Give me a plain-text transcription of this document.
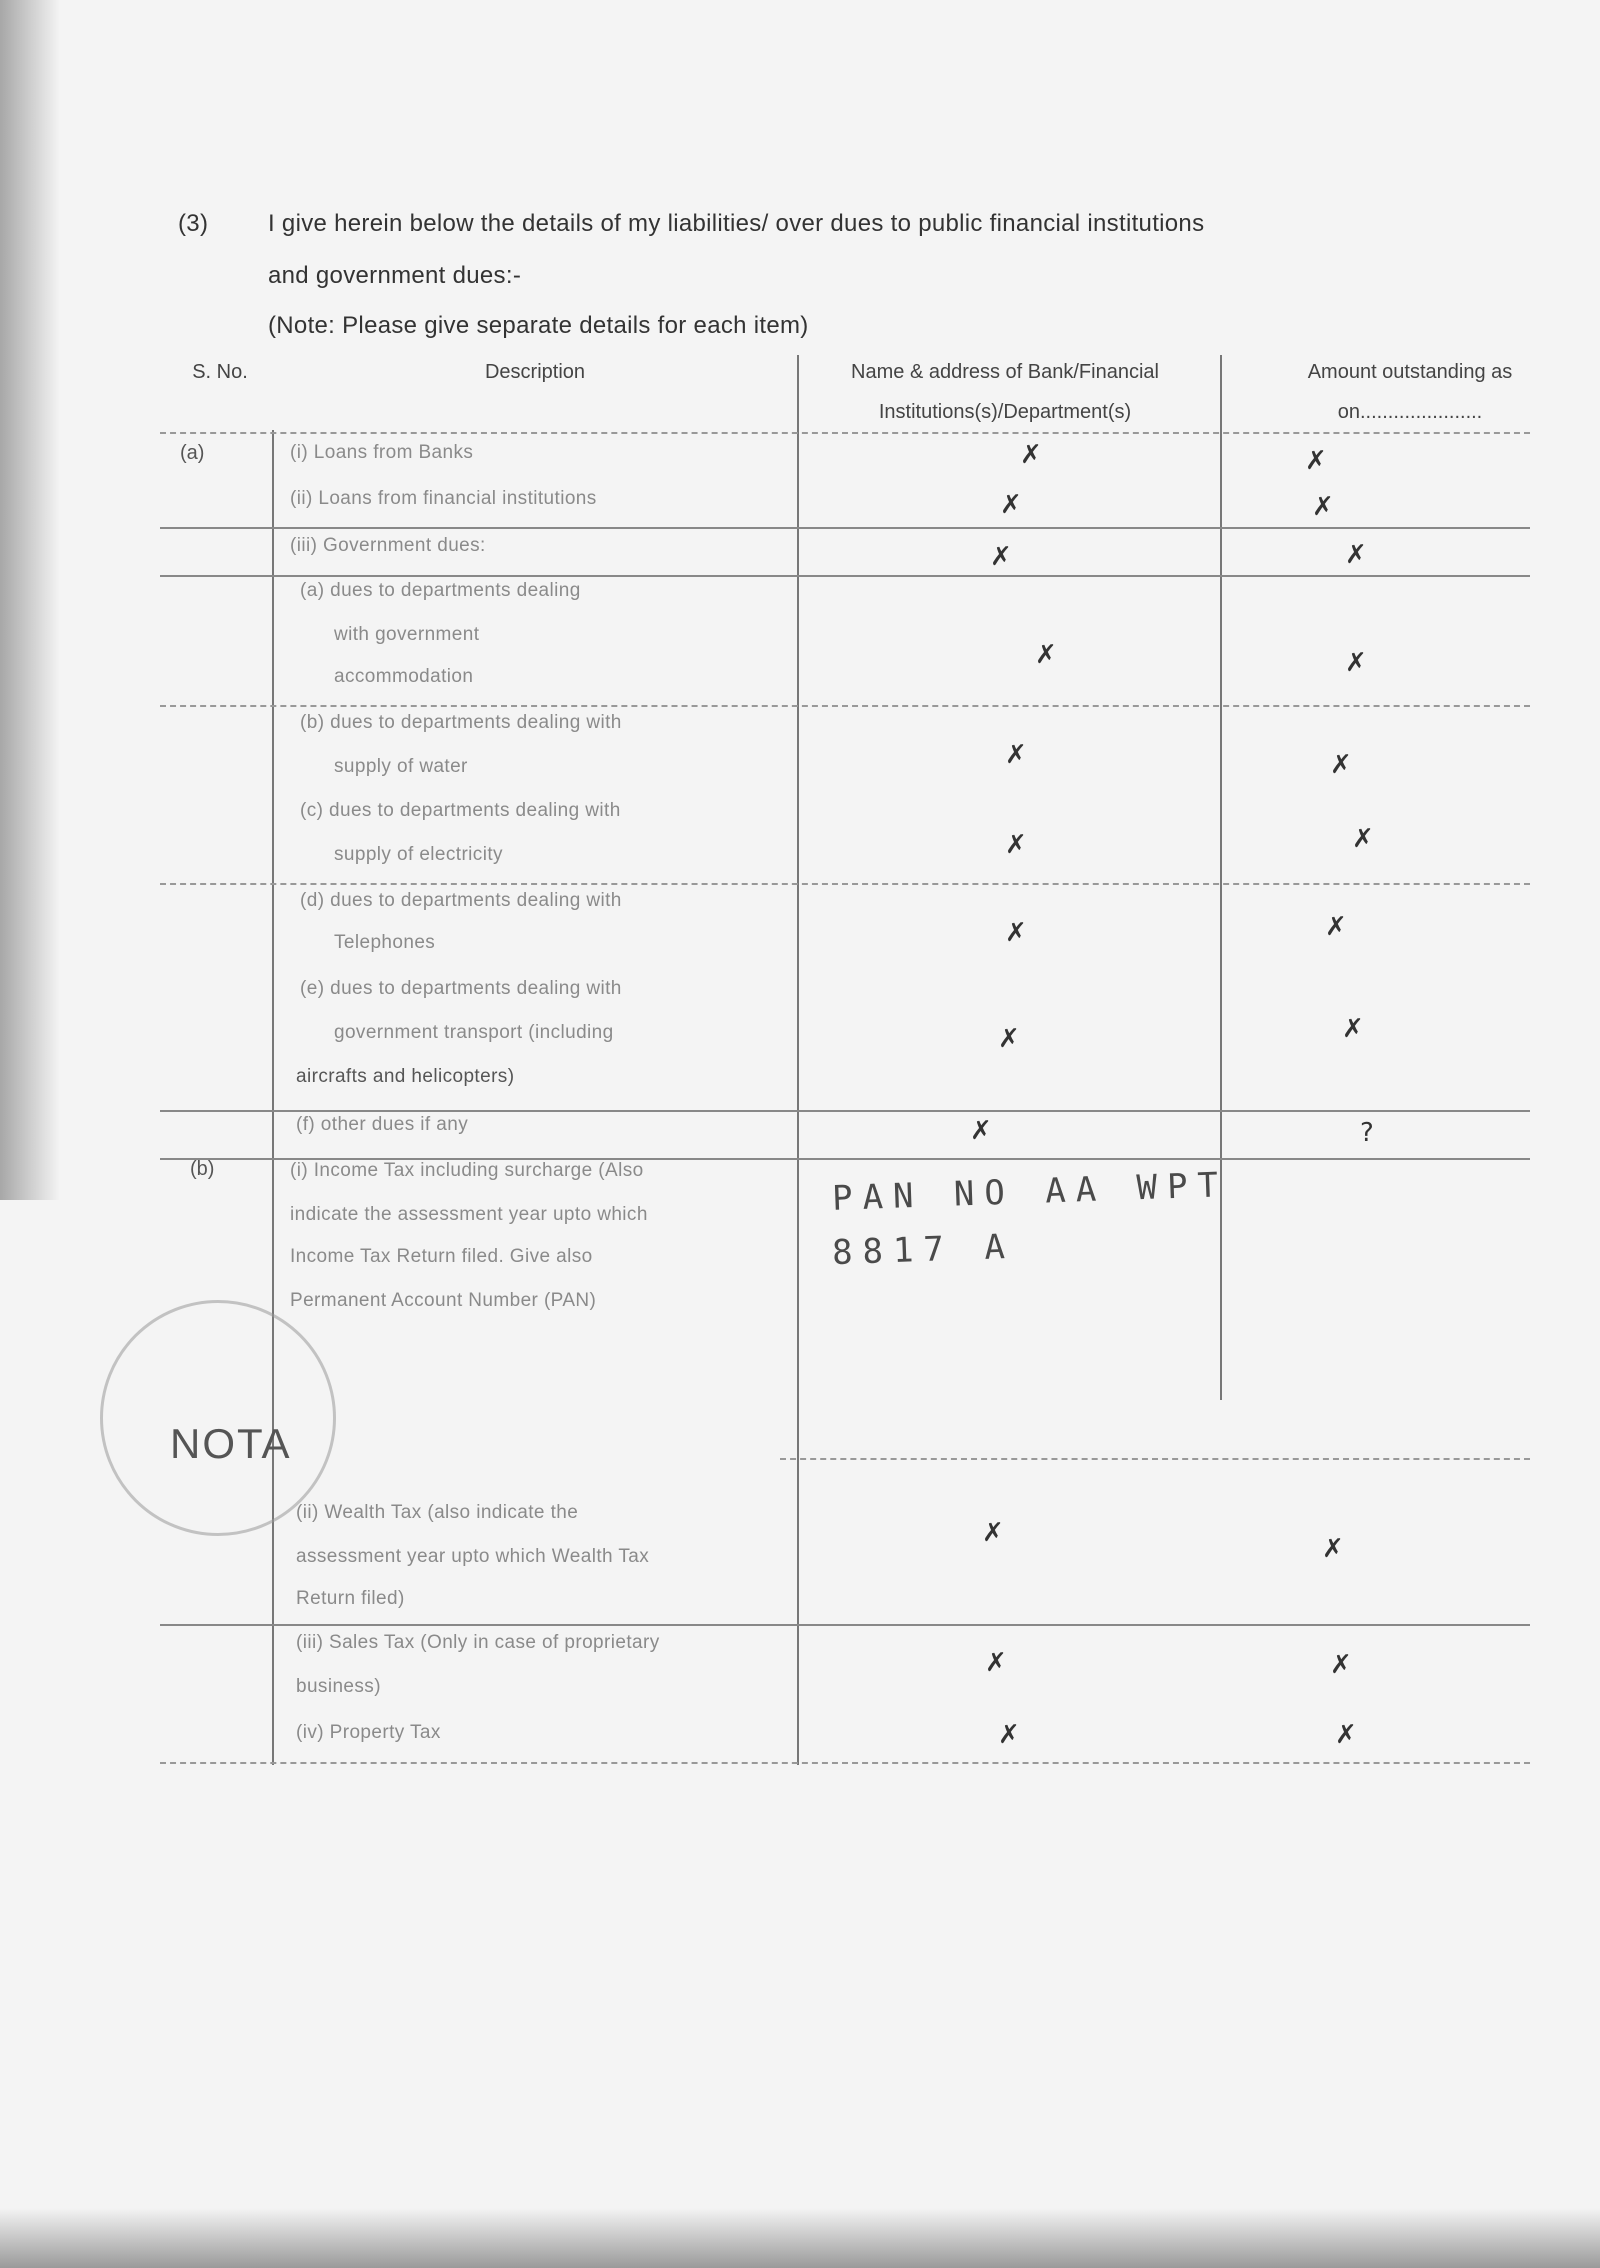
(3) I give herein below the details of my liabilities/ over dues to public financial institutions
and government dues:-
(Note: Please give separate details for each item)
S. No.	Description	Name & address of Bank/Financial
Institutions(s)/Department(s)
Amount outstanding as
on......................
(a)
(b)
(i) Loans from Banks
(ii) Loans from financial institutions
(iii) Government dues:
(a) dues to departments dealing
with government
accommodation
(b) dues to departments dealing with
supply of water
(c) dues to departments dealing with
supply of electricity
(d) dues to departments dealing with
Telephones
(e) dues to departments dealing with
government transport (including
aircrafts and helicopters)
(f) other dues if any
(i) Income Tax including surcharge (Also
indicate the assessment year upto which
Income Tax Return filed. Give also
Permanent Account Number (PAN)
(ii) Wealth Tax (also indicate the
assessment year upto which Wealth Tax
Return filed)
(iii) Sales Tax (Only in case of proprietary
business)
(iv) Property Tax
✗
✗
✗
✗
✗
✗
✗
✗
✗
✗
✗
✗
✗
✗
✗
✗
✗
✗
✗
✗
?
✗
✗
✗
PAN NO AA WPT
8817 A
NOTA
